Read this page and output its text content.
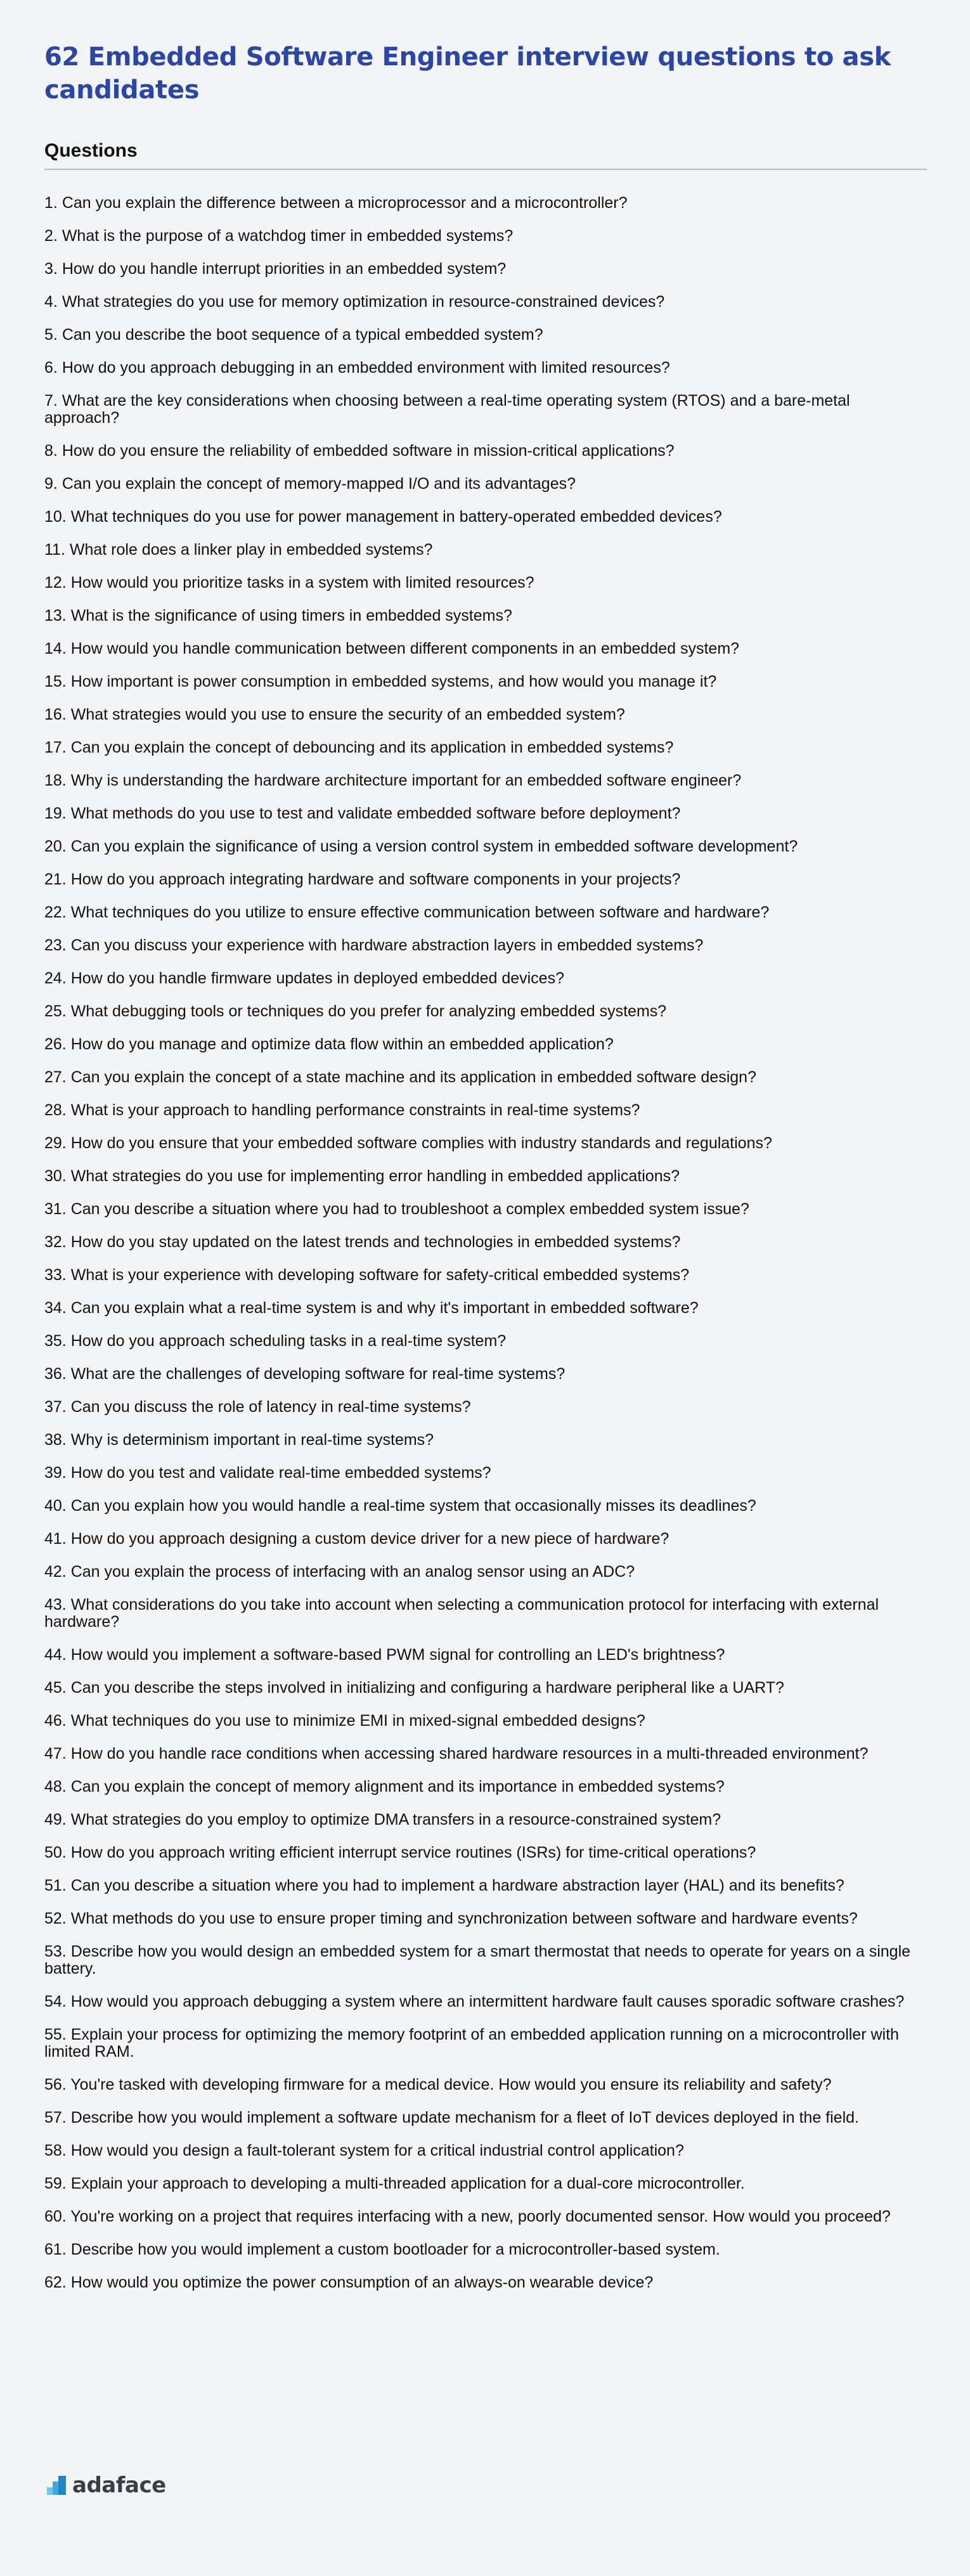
62 Embedded Software Engineer interview questions to ask candidates
Questions
1. Can you explain the difference between a microprocessor and a microcontroller?
2. What is the purpose of a watchdog timer in embedded systems?
3. How do you handle interrupt priorities in an embedded system?
4. What strategies do you use for memory optimization in resource-constrained devices?
5. Can you describe the boot sequence of a typical embedded system?
6. How do you approach debugging in an embedded environment with limited resources?
7. What are the key considerations when choosing between a real-time operating system (RTOS) and a bare-metal approach?
8. How do you ensure the reliability of embedded software in mission-critical applications?
9. Can you explain the concept of memory-mapped I/O and its advantages?
10. What techniques do you use for power management in battery-operated embedded devices?
11. What role does a linker play in embedded systems?
12. How would you prioritize tasks in a system with limited resources?
13. What is the significance of using timers in embedded systems?
14. How would you handle communication between different components in an embedded system?
15. How important is power consumption in embedded systems, and how would you manage it?
16. What strategies would you use to ensure the security of an embedded system?
17. Can you explain the concept of debouncing and its application in embedded systems?
18. Why is understanding the hardware architecture important for an embedded software engineer?
19. What methods do you use to test and validate embedded software before deployment?
20. Can you explain the significance of using a version control system in embedded software development?
21. How do you approach integrating hardware and software components in your projects?
22. What techniques do you utilize to ensure effective communication between software and hardware?
23. Can you discuss your experience with hardware abstraction layers in embedded systems?
24. How do you handle firmware updates in deployed embedded devices?
25. What debugging tools or techniques do you prefer for analyzing embedded systems?
26. How do you manage and optimize data flow within an embedded application?
27. Can you explain the concept of a state machine and its application in embedded software design?
28. What is your approach to handling performance constraints in real-time systems?
29. How do you ensure that your embedded software complies with industry standards and regulations?
30. What strategies do you use for implementing error handling in embedded applications?
31. Can you describe a situation where you had to troubleshoot a complex embedded system issue?
32. How do you stay updated on the latest trends and technologies in embedded systems?
33. What is your experience with developing software for safety-critical embedded systems?
34. Can you explain what a real-time system is and why it's important in embedded software?
35. How do you approach scheduling tasks in a real-time system?
36. What are the challenges of developing software for real-time systems?
37. Can you discuss the role of latency in real-time systems?
38. Why is determinism important in real-time systems?
39. How do you test and validate real-time embedded systems?
40. Can you explain how you would handle a real-time system that occasionally misses its deadlines?
41. How do you approach designing a custom device driver for a new piece of hardware?
42. Can you explain the process of interfacing with an analog sensor using an ADC?
43. What considerations do you take into account when selecting a communication protocol for interfacing with external hardware?
44. How would you implement a software-based PWM signal for controlling an LED's brightness?
45. Can you describe the steps involved in initializing and configuring a hardware peripheral like a UART?
46. What techniques do you use to minimize EMI in mixed-signal embedded designs?
47. How do you handle race conditions when accessing shared hardware resources in a multi-threaded environment?
48. Can you explain the concept of memory alignment and its importance in embedded systems?
49. What strategies do you employ to optimize DMA transfers in a resource-constrained system?
50. How do you approach writing efficient interrupt service routines (ISRs) for time-critical operations?
51. Can you describe a situation where you had to implement a hardware abstraction layer (HAL) and its benefits?
52. What methods do you use to ensure proper timing and synchronization between software and hardware events?
53. Describe how you would design an embedded system for a smart thermostat that needs to operate for years on a single battery.
54. How would you approach debugging a system where an intermittent hardware fault causes sporadic software crashes?
55. Explain your process for optimizing the memory footprint of an embedded application running on a microcontroller with limited RAM.
56. You're tasked with developing firmware for a medical device. How would you ensure its reliability and safety?
57. Describe how you would implement a software update mechanism for a fleet of IoT devices deployed in the field.
58. How would you design a fault-tolerant system for a critical industrial control application?
59. Explain your approach to developing a multi-threaded application for a dual-core microcontroller.
60. You're working on a project that requires interfacing with a new, poorly documented sensor. How would you proceed?
61. Describe how you would implement a custom bootloader for a microcontroller-based system.
62. How would you optimize the power consumption of an always-on wearable device?
adaface
